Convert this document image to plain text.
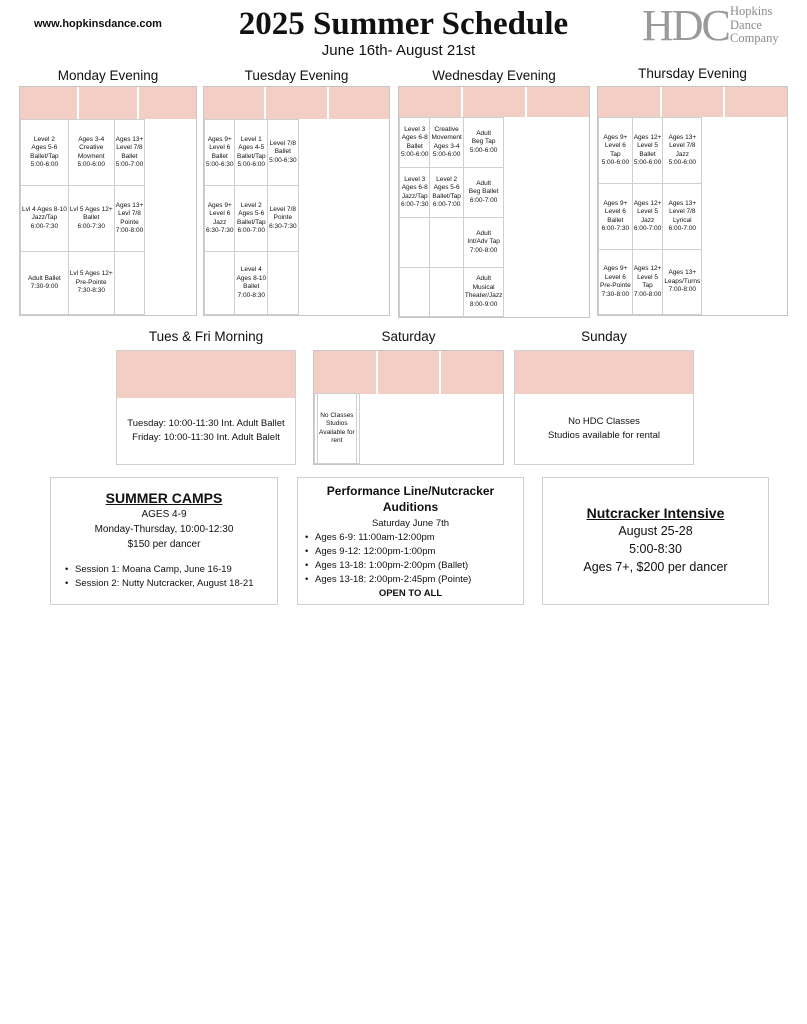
www.hopkinsdance.com	2025 Summer Schedule
June 16th- August 21st
HDC Hopkins
Dance
Company
Monday Evening
Level 2
Ages 5-6
Ballet/Tap
5:00-6:00	Ages 3-4
Creative
Movment
5:00-6:00	Ages 13+
Level 7/8
Ballet
5:00-7:00
Lvl 4 Ages 8-10
Jazz/Tap
6:00-7:30	Lvl 5 Ages 12+
Ballet
6:00-7:30	Ages 13+
Levl 7/8
Pointe
7:00-8:00
Adult Ballet
7:30-9:00	Lvl 5 Ages 12+
Pre-Pointe
7:30-8:30	
Tuesday Evening
Ages 9+
Level 6
Ballet
5:00-6:30	Level 1
Ages 4-5
Ballet/Tap
5:00-6:00	Level 7/8
Ballet
5:00-6:30
Ages 9+
Level 6
Jazz
6:30-7:30	Level 2
Ages 5-6
Ballet/Tap
6:00-7:00	Level 7/8
Pointe
6:30-7:30
	Level 4
Ages 8-10
Ballet
7:00-8:30	
Wednesday Evening
Level 3
Ages 6-8
Ballet
5:00-6:00	Creative
Movement
Ages 3-4
5:00-6:00	Adult
Beg Tap
5:00-6:00
Level 3
Ages 6-8
Jazz/Tap
6:00-7:30	Level 2
Ages 5-6
Ballet/Tap
6:00-7:00	Adult
Beg Ballet
6:00-7:00
		Adult
Int/Adv Tap
7:00-8:00
		Adult
Musical
Theater/Jazz
8:00-9:00
Thursday Evening
Ages 9+
Level 6
Tap
5:00-6:00	Ages 12+
Level 5
Ballet
5:00-6:00	Ages 13+
Level 7/8
Jazz
5:00-6:00
Ages 9+
Level 6
Ballet
6:00-7:30	Ages 12+
Level 5
Jazz
6:00-7:00	Ages 13+
Level 7/8
Lyrical
6:00-7:00
Ages 9+
Level 6
Pre-Pointe
7:30-8:00	Ages 12+
Level 5
Tap
7:00-8:00	Ages 13+
Leaps/Turns
7:00-8:00
Tues & Fri Morning
Tuesday: 10:00-11:30 Int. Adult Ballet
Friday: 10:00-11:30 Int. Adult Balelt
Saturday
	No Classes
Studios
Available for
rent	
Sunday
No HDC Classes
Studios available for rental
SUMMER CAMPS
AGES 4-9
Monday-Thursday, 10:00-12:30
$150 per dancer
• Session 1: Moana Camp, June 16-19
• Session 2: Nutty Nutcracker, August 18-21
Performance Line/Nutcracker
Auditions
Saturday June 7th
• Ages 6-9: 11:00am-12:00pm
• Ages 9-12: 12:00pm-1:00pm
• Ages 13-18: 1:00pm-2:00pm (Ballet)
• Ages 13-18: 2:00pm-2:45pm (Pointe)
OPEN TO ALL
Nutcracker Intensive
August 25-28
5:00-8:30
Ages 7+, $200 per dancer
